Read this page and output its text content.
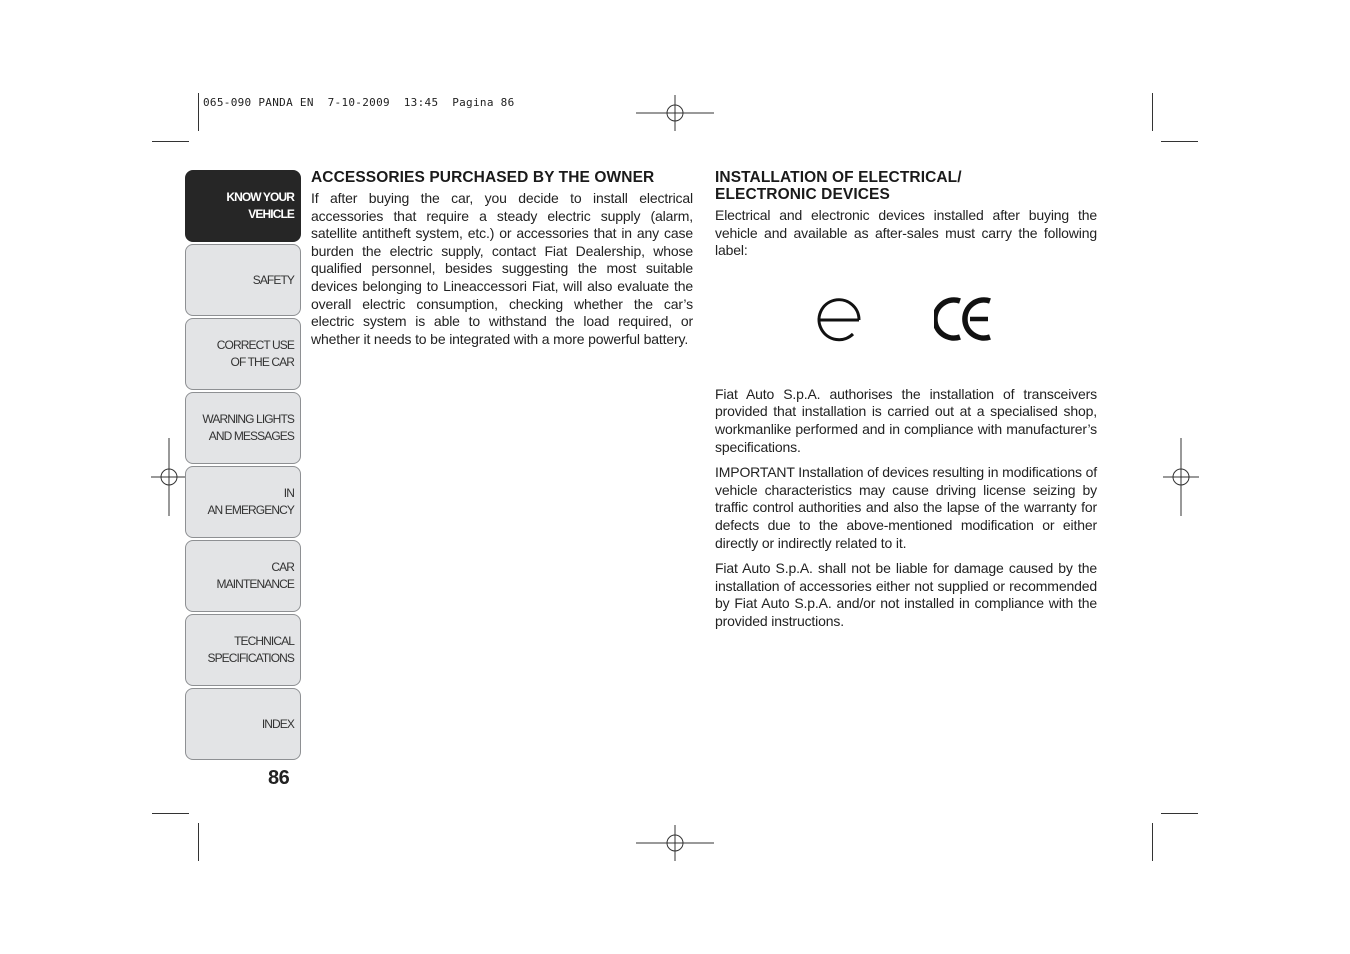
065-090 PANDA EN  7-10-2009  13:45  Pagina 86
KNOW YOUR
VEHICLE
SAFETY
CORRECT USE
OF THE CAR
WARNING LIGHTS
AND MESSAGES
IN
AN EMERGENCY
CAR
MAINTENANCE
TECHNICAL
SPECIFICATIONS
INDEX
86
ACCESSORIES PURCHASED BY THE OWNER

If after buying the car, you decide to install electrical accessories that require a steady electric supply (alarm, satellite antitheft system, etc.) or accessories that in any case burden the electric supply, contact Fiat Dealership, whose qualified personnel, besides suggesting the most suitable devices belonging to Lineaccessori Fiat, will also evaluate the overall electric consumption, checking whether the car’s electric system is able to withstand the load required, or whether it needs to be integrated with a more powerful battery.

INSTALLATION OF ELECTRICAL/
ELECTRONIC DEVICES

Electrical and electronic devices installed after buying the vehicle and available as after-sales must carry the following label:

Fiat Auto S.p.A. authorises the installation of transceivers provided that installation is carried out at a specialised shop, workmanlike performed and in compliance with manufacturer’s specifications.

IMPORTANT Installation of devices resulting in modifications of vehicle characteristics may cause driving license seizing by traffic control authorities and also the lapse of the warranty for defects due to the above-mentioned modification or either directly or indirectly related to it.

Fiat Auto S.p.A. shall not be liable for damage caused by the installation of accessories either not supplied or recommended by Fiat Auto S.p.A. and/or not installed in compliance with the provided instructions.
